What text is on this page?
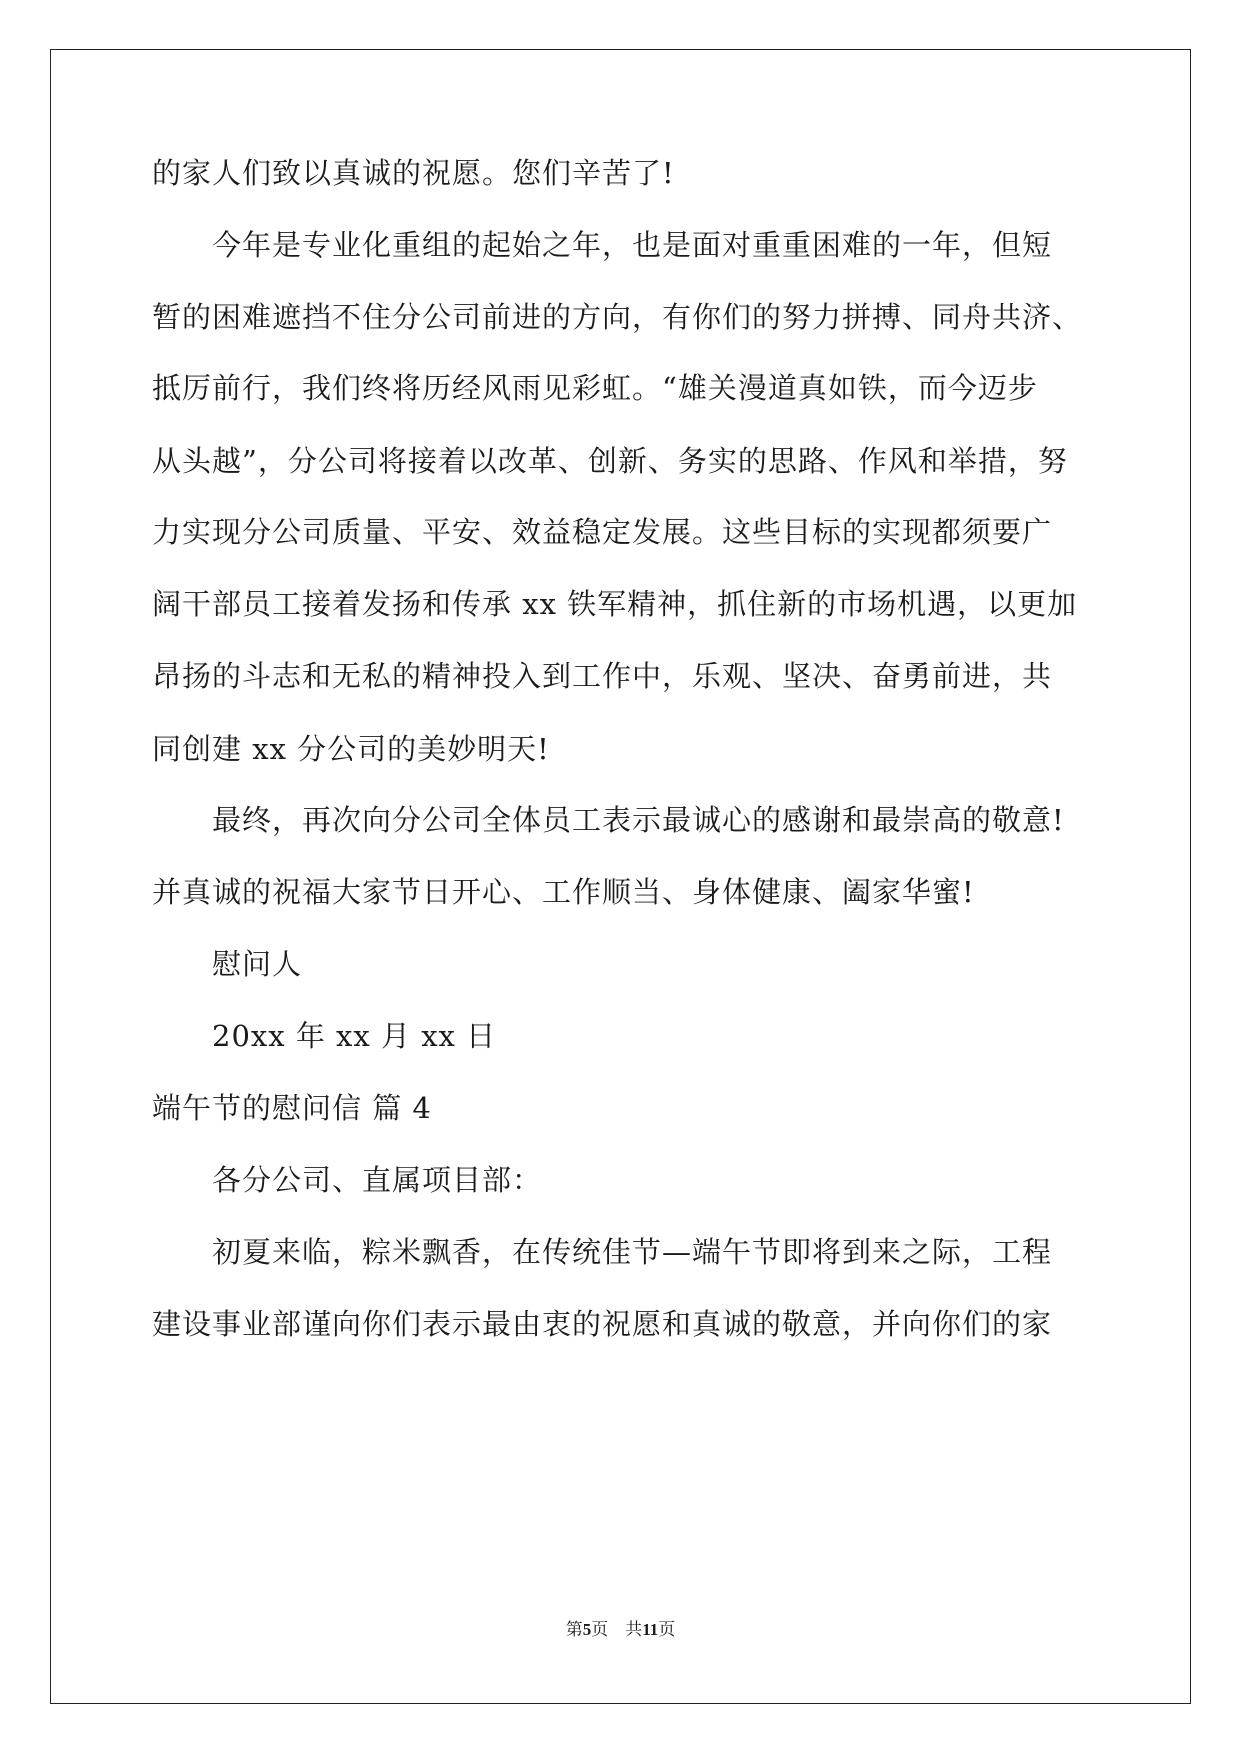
的家人们致以真诚的祝愿。您们辛苦了!
今年是专业化重组的起始之年，也是面对重重困难的一年，但短
暂的困难遮挡不住分公司前进的方向，有你们的努力拼搏、同舟共济、
抵厉前行，我们终将历经风雨见彩虹。“雄关漫道真如铁，而今迈步
从头越”，分公司将接着以改革、创新、务实的思路、作风和举措，努
力实现分公司质量、平安、效益稳定发展。这些目标的实现都须要广
阔干部员工接着发扬和传承 xx 铁军精神，抓住新的市场机遇，以更加
昂扬的斗志和无私的精神投入到工作中，乐观、坚决、奋勇前进，共
同创建 xx 分公司的美妙明天!
最终，再次向分公司全体员工表示最诚心的感谢和最崇高的敬意!
并真诚的祝福大家节日开心、工作顺当、身体健康、阖家华蜜!
慰问人
20xx 年 xx 月 xx 日
端午节的慰问信 篇 4
各分公司、直属项目部：
初夏来临，粽米飘香，在传统佳节—端午节即将到来之际，工程
建设事业部谨向你们表示最由衷的祝愿和真诚的敬意，并向你们的家
第5页　共11页
